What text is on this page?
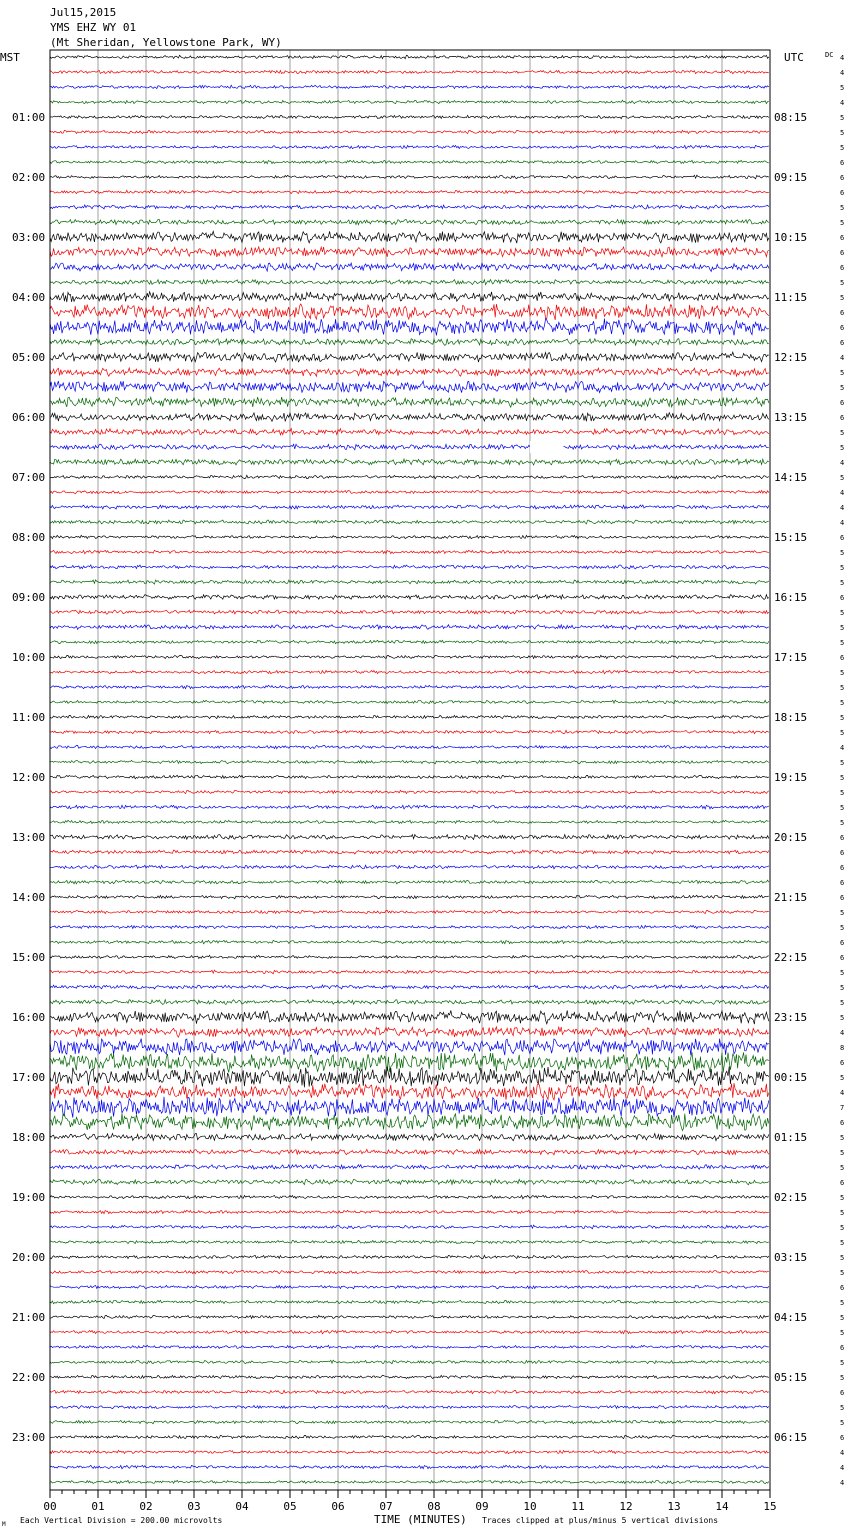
Jul15,2015
YMS EHZ WY 01
(Mt Sheridan, Yellowstone Park, WY)
MST	UTC	DC
01:00
02:00
03:00
04:00
05:00
06:00
07:00
08:00
09:00
10:00
11:00
12:00
13:00
14:00
15:00
16:00
17:00
18:00
19:00
20:00
21:00
22:00
23:00
08:15
09:15
10:15
11:15
12:15
13:15
14:15
15:15
16:15
17:15
18:15
19:15
20:15
21:15
22:15
23:15
00:15
01:15
02:15
03:15
04:15
05:15
06:15
4
4
5
4
5
5
5
6
6
6
5
5
6
6
6
5
5
6
6
6
4
5
5
6
6
5
5
4
5
4
4
4
6
5
5
5
6
5
5
5
6
5
5
5
5
5
4
5
5
5
5
5
6
6
6
6
6
5
5
6
6
5
5
5
5
4
8
6
5
4
7
6
5
5
5
6
5
5
5
5
5
5
6
5
5
5
6
5
5
6
5
5
6
4
4
4
00	01	02	03	04	05	06	07	08	09	10	11	12	13	14	15
M Each Vertical Division = 200.00 microvolts	TIME (MINUTES) Traces clipped at plus/minus 5 vertical divisions
